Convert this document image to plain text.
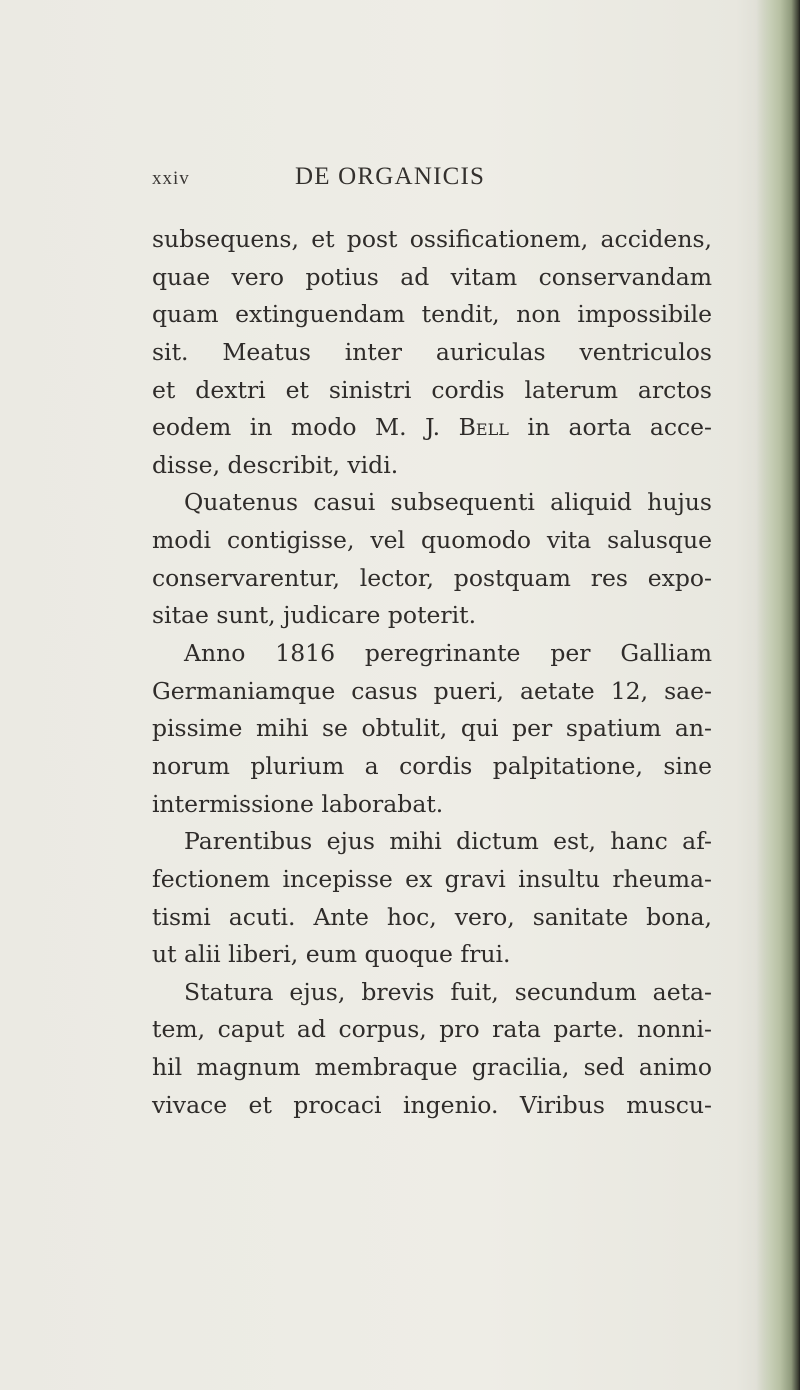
xxiv	DE ORGANICIS
subsequens, et post ossificationem, accidens,
quae vero potius ad vitam conservandam
quam extinguendam tendit, non impossibile
sit. Meatus inter auriculas ventriculos
et dextri et sinistri cordis laterum arctos
eodem in modo M. J. Bell in aorta acce-
disse, describit, vidi.
Quatenus casui subsequenti aliquid hujus
modi contigisse, vel quomodo vita salusque
conservarentur, lector, postquam res expo-
sitae sunt, judicare poterit.
Anno 1816 peregrinante per Galliam
Germaniamque casus pueri, aetate 12, sae-
pissime mihi se obtulit, qui per spatium an-
norum plurium a cordis palpitatione, sine
intermissione laborabat.
Parentibus ejus mihi dictum est, hanc af-
fectionem incepisse ex gravi insultu rheuma-
tismi acuti. Ante hoc, vero, sanitate bona,
ut alii liberi, eum quoque frui.
Statura ejus, brevis fuit, secundum aeta-
tem, caput ad corpus, pro rata parte. nonni-
hil magnum membraque gracilia, sed animo
vivace et procaci ingenio. Viribus muscu-
